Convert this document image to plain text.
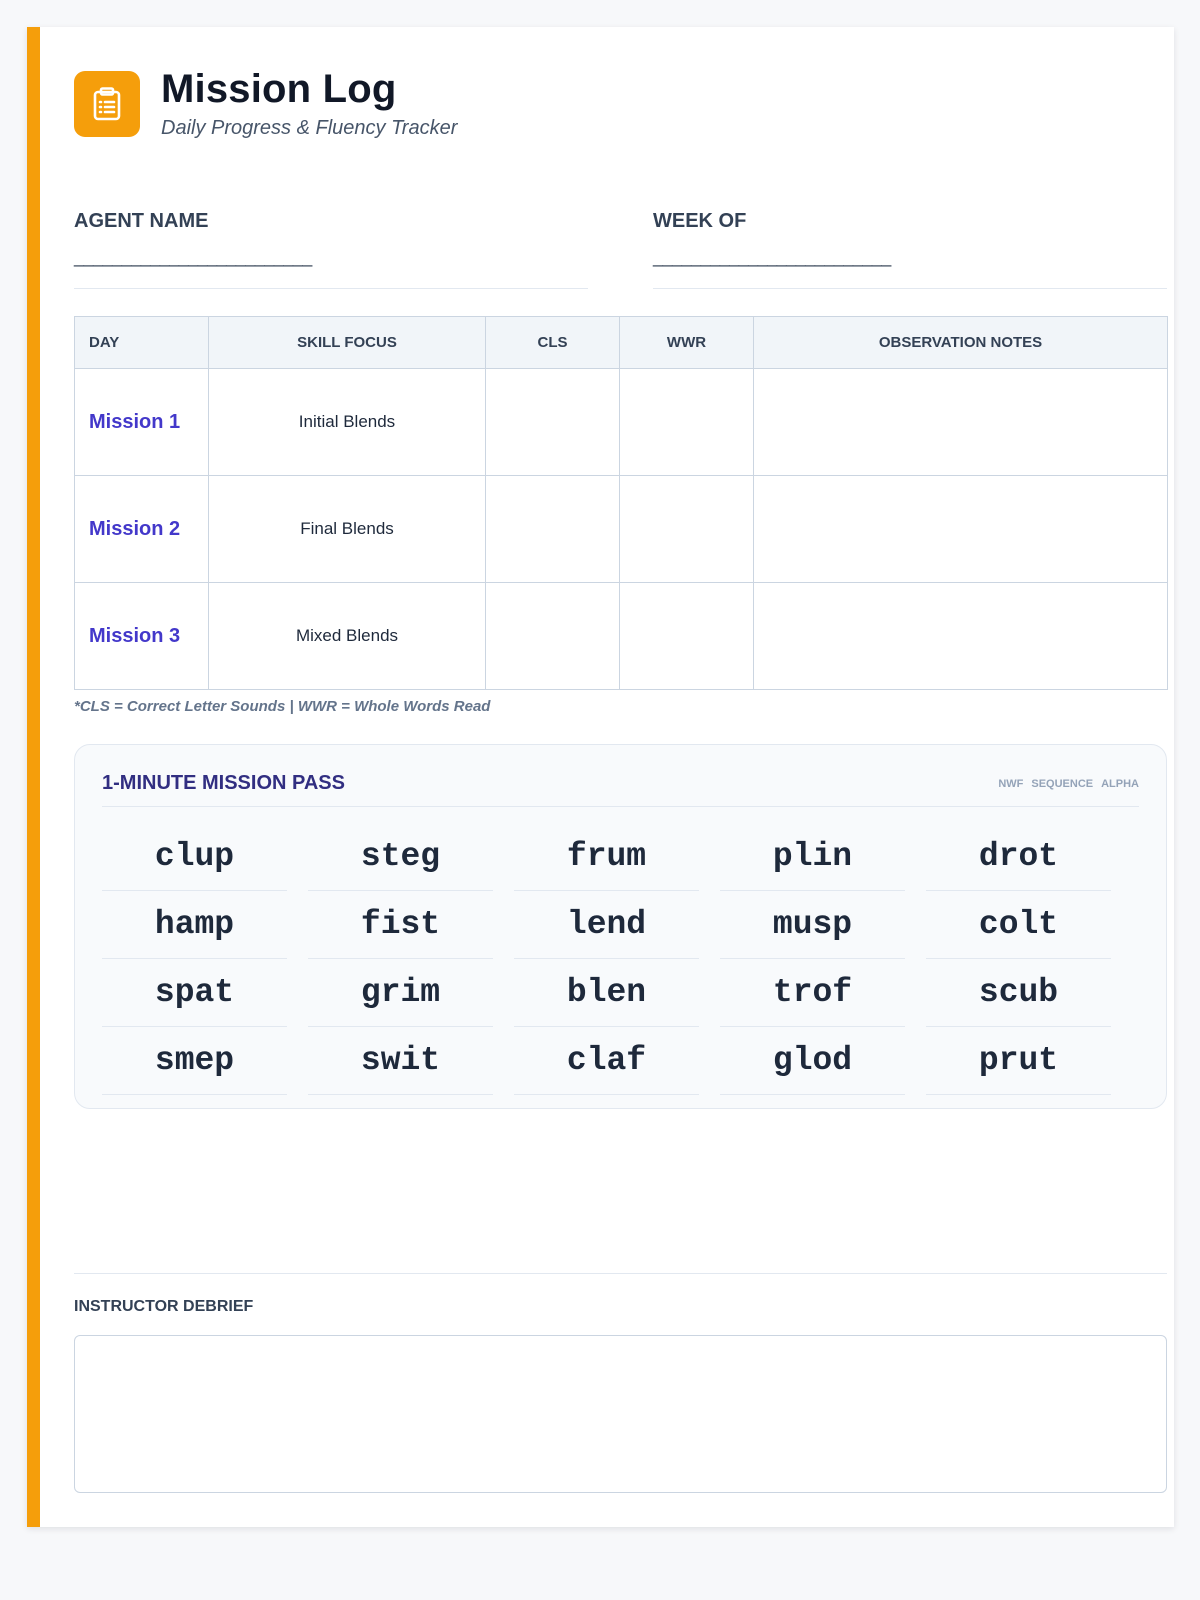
Mission Log
Daily Progress & Fluency Tracker
AGENT NAME
_________________________
WEEK OF
_________________________
DAY	SKILL FOCUS	CLS	WWR	OBSERVATION NOTES
Mission 1	Initial Blends			
Mission 2	Final Blends			
Mission 3	Mixed Blends			
*CLS = Correct Letter Sounds | WWR = Whole Words Read
1-MINUTE MISSION PASS	NWF SEQUENCE ALPHA
clup	steg	frum	plin	drot
hamp	fist	lend	musp	colt
spat	grim	blen	trof	scub
smep	swit	claf	glod	prut
INSTRUCTOR DEBRIEF
